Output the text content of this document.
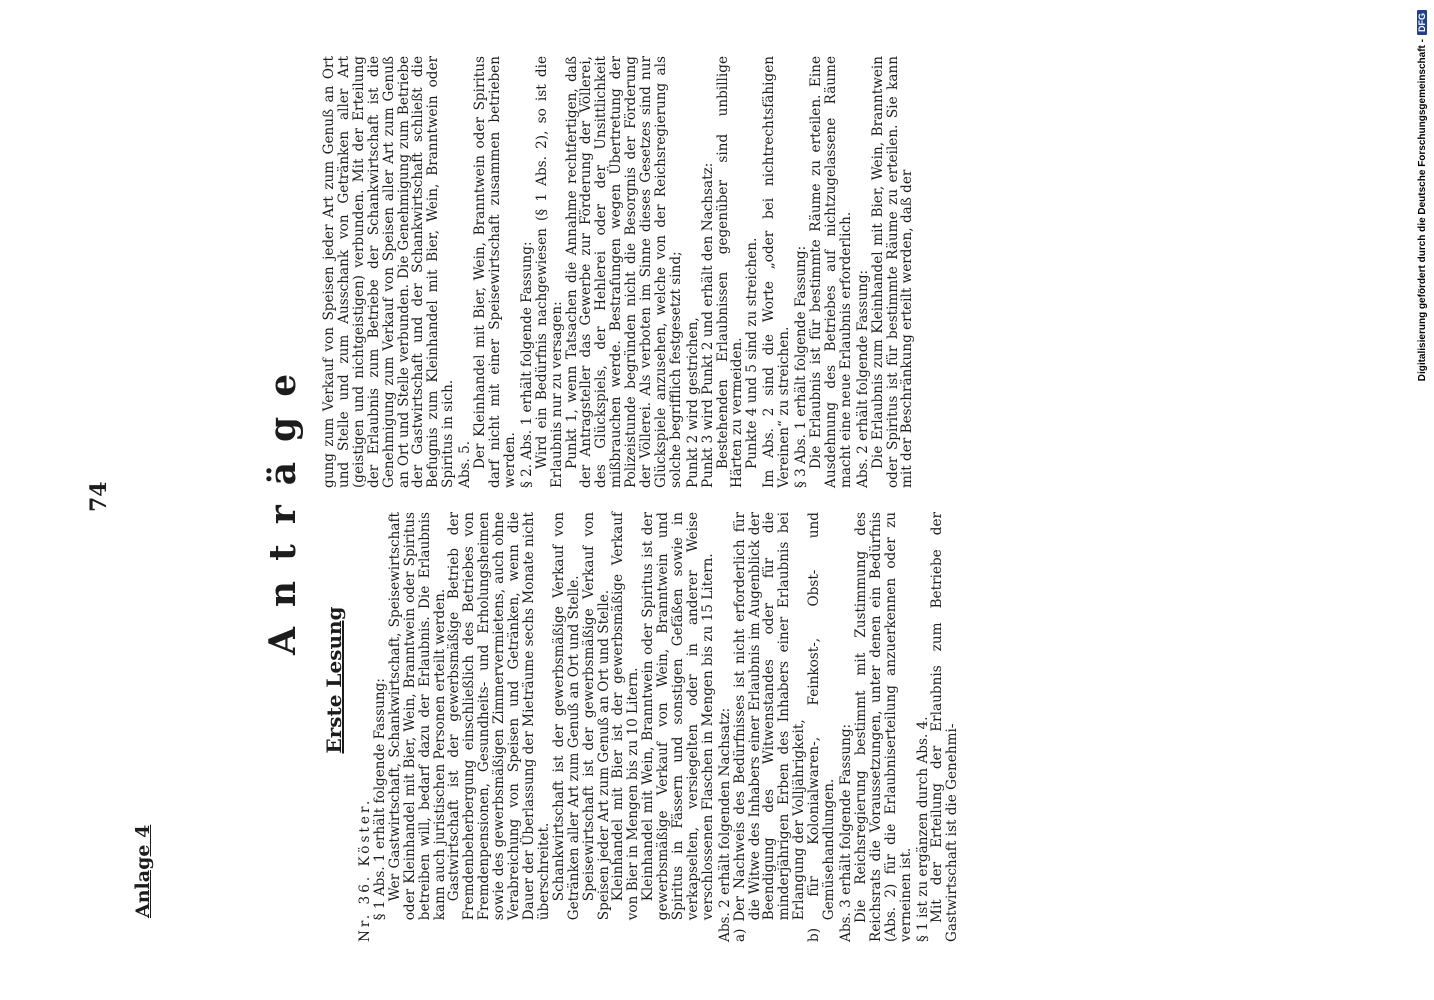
74
Anlage 4
Anträge
Erste Lesung

Nr. 36. Köster.

§ 1 Abs. 1 erhält folgende Fassung:

Wer Gastwirtschaft, Schankwirtschaft, Speisewirtschaft oder Kleinhandel mit Bier, Wein, Branntwein oder Spiritus betreiben will, bedarf dazu der Erlaubnis. Die Erlaubnis kann auch juristischen Personen erteilt werden.

Gastwirtschaft ist der gewerbsmäßige Betrieb der Fremdenbeherbergung einschließlich des Betriebes von Fremdenpensionen, Gesundheits- und Erholungsheimen sowie des gewerbsmäßigen Zimmervermietens, auch ohne Verabreichung von Speisen und Getränken, wenn die Dauer der Überlassung der Mieträume sechs Monate nicht überschreitet.

Schankwirtschaft ist der gewerbsmäßige Verkauf von Getränken aller Art zum Genuß an Ort und Stelle.

Speisewirtschaft ist der gewerbsmäßige Verkauf von Speisen jeder Art zum Genuß an Ort und Stelle.

Kleinhandel mit Bier ist der gewerbsmäßige Verkauf von Bier in Mengen bis zu 10 Litern.

Kleinhandel mit Wein, Branntwein oder Spiritus ist der gewerbsmäßige Verkauf von Wein, Branntwein und Spiritus in Fässern und sonstigen Gefäßen sowie in verkapselten, versiegelten oder in anderer Weise verschlossenen Flaschen in Mengen bis zu 15 Litern. Abs. 2 erhält folgenden Nachsatz:

a) Der Nachweis des Bedürfnisses ist nicht erforderlich für die Witwe des Inhabers einer Erlaubnis im Augenblick der Beendigung des Witwenstandes oder für die minderjährigen Erben des Inhabers einer Erlaubnis bei Erlangung der Volljährigkeit,

b) für Kolonialwaren-, Feinkost-, Obst- und Gemüsehandlungen. Abs. 3 erhält folgende Fassung:

Die Reichsregierung bestimmt mit Zustimmung des Reichsrats die Voraussetzungen, unter denen ein Bedürfnis (Abs. 2) für die Erlaubniserteilung anzuerkennen oder zu verneinen ist. § 1 ist zu ergänzen durch Abs. 4.

Mit der Erteilung der Erlaubnis zum Betriebe der Gastwirtschaft ist die Genehmi-

gung zum Verkauf von Speisen jeder Art zum Genuß an Ort und Stelle und zum Ausschank von Getränken aller Art (geistigen und nichtgeistigen) verbunden. Mit der Erteilung der Erlaubnis zum Betriebe der Schankwirtschaft ist die Genehmigung zum Verkauf von Speisen aller Art zum Genuß an Ort und Stelle verbunden. Die Genehmigung zum Betriebe der Gastwirtschaft und der Schankwirtschaft schließt die Befugnis zum Kleinhandel mit Bier, Wein, Branntwein oder Spiritus in sich. Abs. 5.

Der Kleinhandel mit Bier, Wein, Branntwein oder Spiritus darf nicht mit einer Speisewirtschaft zusammen betrieben werden. § 2. Abs. 1 erhält folgende Fassung:

Wird ein Bedürfnis nachgewiesen (§ 1 Abs. 2), so ist die Erlaubnis nur zu versagen:

Punkt 1, wenn Tatsachen die Annahme rechtfertigen, daß der Antragsteller das Gewerbe zur Förderung der Völlerei, des Glückspiels, der Hehlerei oder der Unsittlichkeit mißbrauchen werde. Bestrafungen wegen Übertretung der Polizeistunde begründen nicht die Besorgnis der Förderung der Völlerei. Als verboten im Sinne dieses Gesetzes sind nur Glückspiele anzusehen, welche von der Reichsregierung als solche begrifflich festgesetzt sind; Punkt 2 wird gestrichen,

Punkt 3 wird Punkt 2 und erhält den Nachsatz:

Bestehenden Erlaubnissen gegenüber sind unbillige Härten zu vermeiden.

Punkte 4 und 5 sind zu streichen. Im Abs. 2 sind die Worte „oder bei nichtrechtsfähigen Vereinen“ zu streichen. § 3 Abs. 1 erhält folgende Fassung:

Die Erlaubnis ist für bestimmte Räume zu erteilen. Eine Ausdehnung des Betriebes auf nichtzugelassene Räume macht eine neue Erlaubnis erforderlich. Abs. 2 erhält folgende Fassung:

Die Erlaubnis zum Kleinhandel mit Bier, Wein, Branntwein oder Spiritus ist für bestimmte Räume zu erteilen. Sie kann mit der Beschränkung erteilt werden, daß der	Digitalisierung gefördert durch die Deutsche Forschungsgemeinschaft -
DFG
